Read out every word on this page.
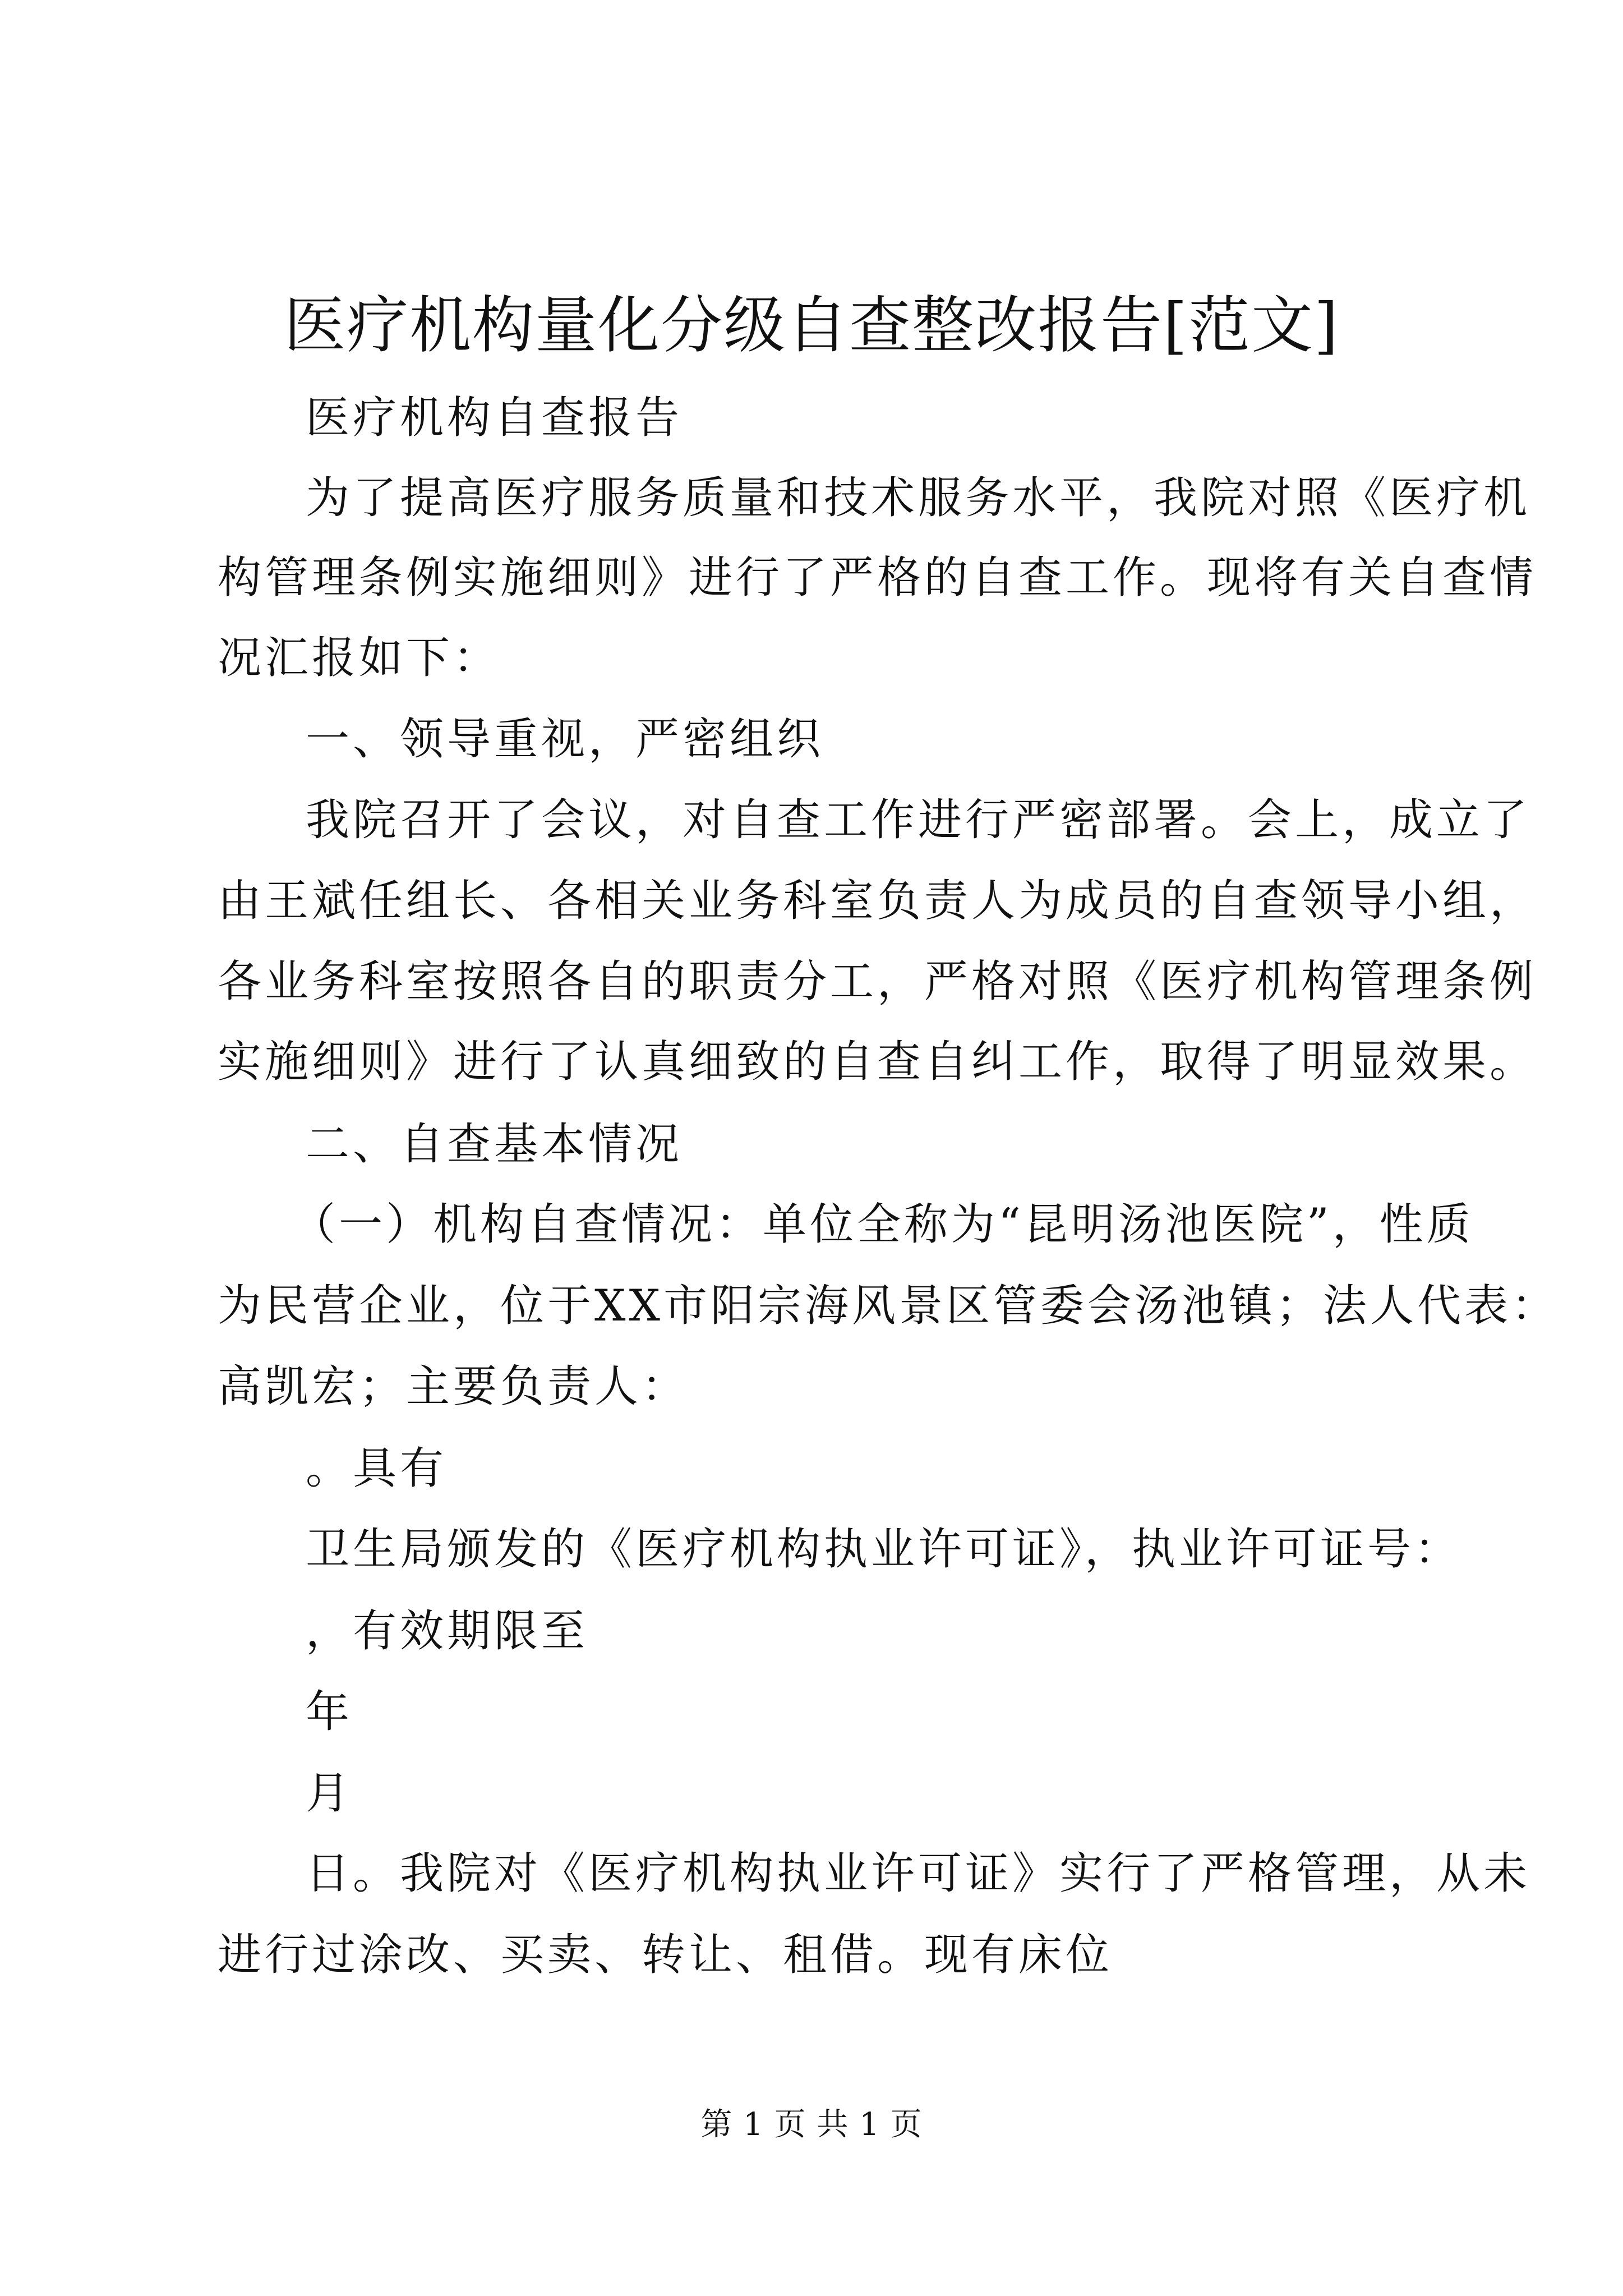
医疗机构量化分级自查整改报告[范文]
医疗机构自查报告
为了提高医疗服务质量和技术服务水平，我院对照《医疗机
构管理条例实施细则》进行了严格的自查工作。现将有关自查情
况汇报如下：
一、领导重视，严密组织
我院召开了会议，对自查工作进行严密部署。会上，成立了
由王斌任组长、各相关业务科室负责人为成员的自查领导小组，
各业务科室按照各自的职责分工，严格对照《医疗机构管理条例
实施细则》进行了认真细致的自查自纠工作，取得了明显效果。
二、自查基本情况
（一）机构自查情况：单位全称为“昆明汤池医院”，性质
为民营企业，位于XX市阳宗海风景区管委会汤池镇；法人代表：
高凯宏；主要负责人：
。具有
卫生局颁发的《医疗机构执业许可证》，执业许可证号：
，有效期限至
年
月
日。我院对《医疗机构执业许可证》实行了严格管理，从未
进行过涂改、买卖、转让、租借。现有床位
第 1 页 共 1 页
